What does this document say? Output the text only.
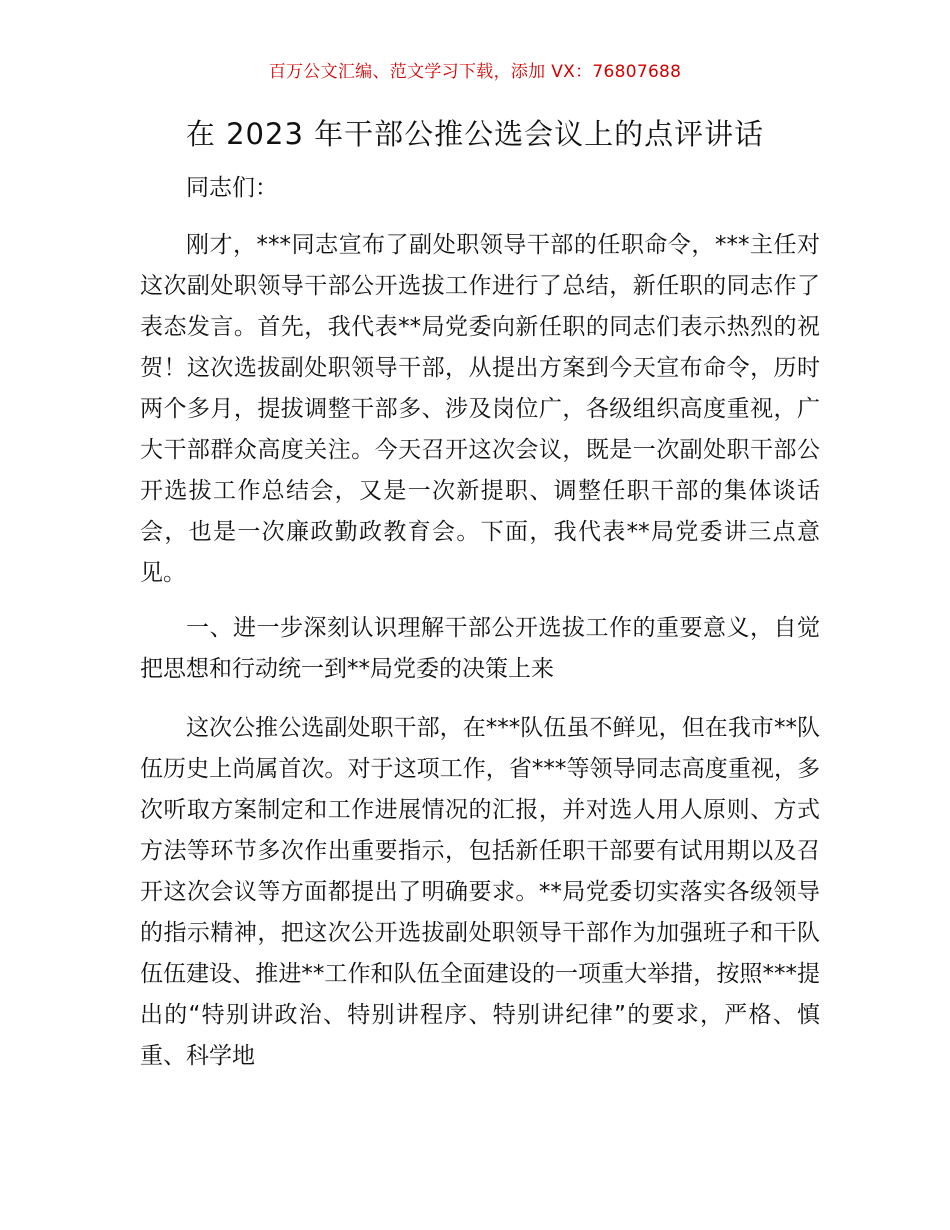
百万公文汇编、范文学习下载，添加 VX：76807688
在 2023 年干部公推公选会议上的点评讲话

同志们：

刚才，***同志宣布了副处职领导干部的任职命令，***主任对这次副处职领导干部公开选拔工作进行了总结，新任职的同志作了表态发言。首先，我代表**局党委向新任职的同志们表示热烈的祝贺！这次选拔副处职领导干部，从提出方案到今天宣布命令，历时两个多月，提拔调整干部多、涉及岗位广，各级组织高度重视，广大干部群众高度关注。今天召开这次会议，既是一次副处职干部公开选拔工作总结会，又是一次新提职、调整任职干部的集体谈话会，也是一次廉政勤政教育会。下面，我代表**局党委讲三点意见。

一、进一步深刻认识理解干部公开选拔工作的重要意义，自觉把思想和行动统一到**局党委的决策上来

这次公推公选副处职干部，在***队伍虽不鲜见，但在我市**队伍历史上尚属首次。对于这项工作，省***等领导同志高度重视，多次听取方案制定和工作进展情况的汇报，并对选人用人原则、方式方法等环节多次作出重要指示，包括新任职干部要有试用期以及召开这次会议等方面都提出了明确要求。**局党委切实落实各级领导的指示精神，把这次公开选拔副处职领导干部作为加强班子和干队伍伍建设、推进**工作和队伍全面建设的一项重大举措，按照***提出的“特别讲政治、特别讲程序、特别讲纪律”的要求，严格、慎重、科学地
